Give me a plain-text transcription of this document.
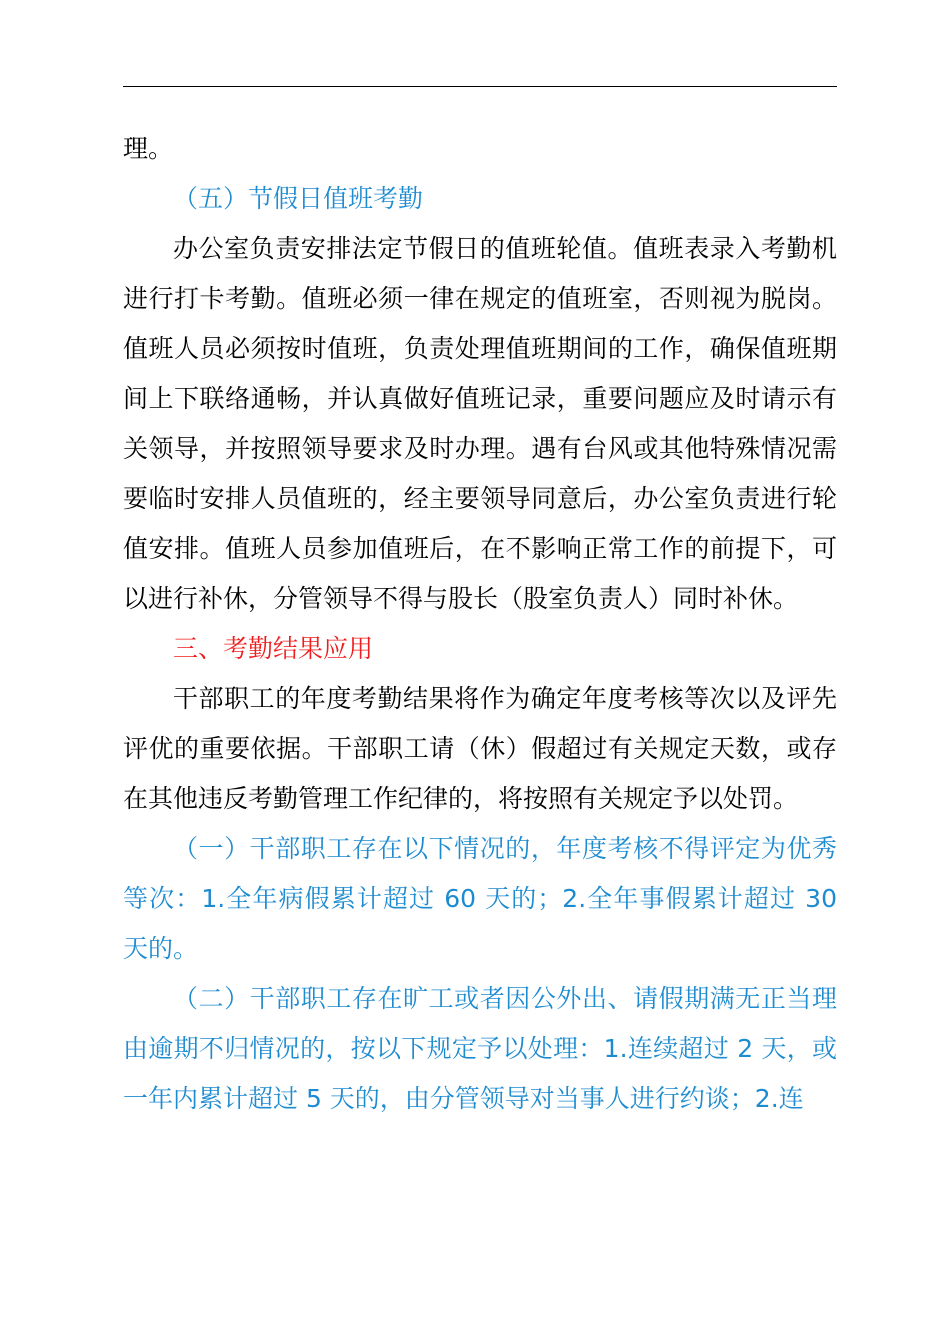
理。

（五）节假日值班考勤

办公室负责安排法定节假日的值班轮值。值班表录入考勤机进行打卡考勤。值班必须一律在规定的值班室，否则视为脱岗。值班人员必须按时值班，负责处理值班期间的工作，确保值班期间上下联络通畅，并认真做好值班记录，重要问题应及时请示有关领导，并按照领导要求及时办理。遇有台风或其他特殊情况需要临时安排人员值班的，经主要领导同意后，办公室负责进行轮值安排。值班人员参加值班后，在不影响正常工作的前提下，可以进行补休，分管领导不得与股长（股室负责人）同时补休。

三、考勤结果应用

干部职工的年度考勤结果将作为确定年度考核等次以及评先评优的重要依据。干部职工请（休）假超过有关规定天数，或存在其他违反考勤管理工作纪律的，将按照有关规定予以处罚。

（一）干部职工存在以下情况的，年度考核不得评定为优秀等次：1.全年病假累计超过 60 天的；2.全年事假累计超过 30 天的。

（二）干部职工存在旷工或者因公外出、请假期满无正当理由逾期不归情况的，按以下规定予以处理：1.连续超过 2 天，或一年内累计超过 5 天的，由分管领导对当事人进行约谈；2.连
